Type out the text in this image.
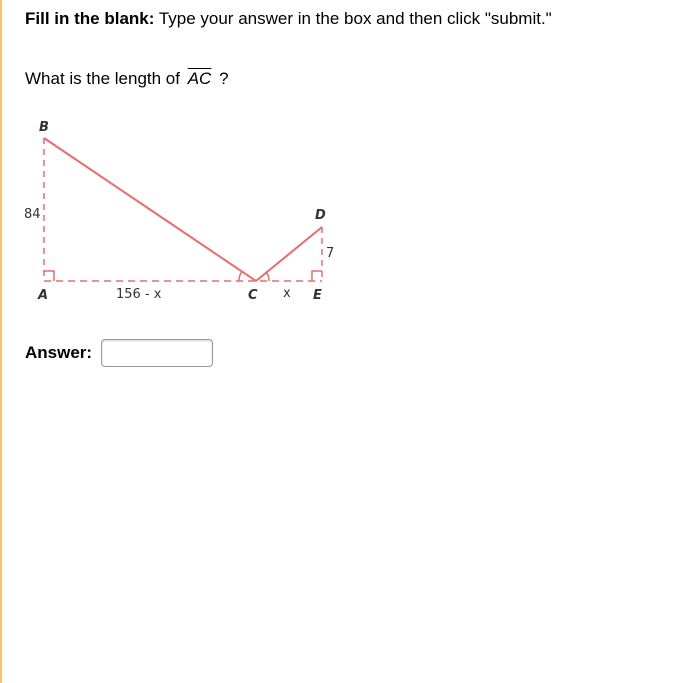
Fill in the blank: Type your answer in the box and then click "submit."
What is the length of $\overline{AC}$ ?
B
A	C
D
E
84
156 - x	x
7
Answer:
